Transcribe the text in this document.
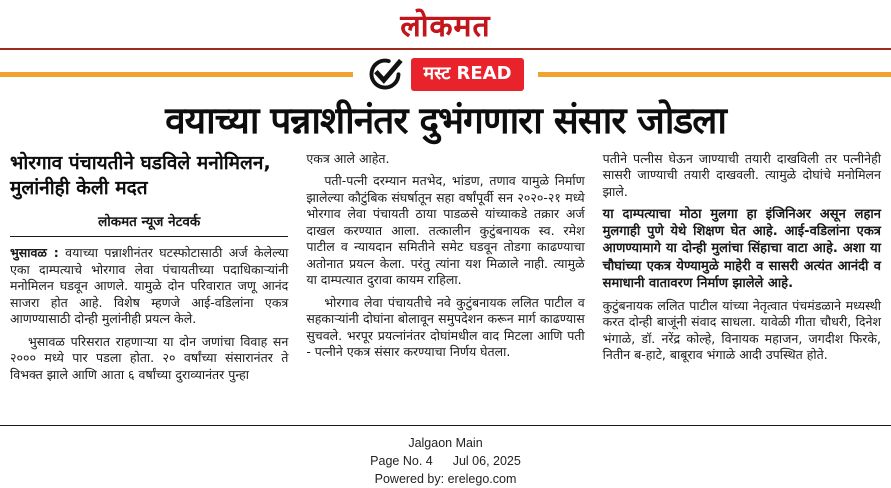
लोकमत
मस्ट READ
वयाच्या पन्नाशीनंतर दुभंगणारा संसार जोडला

भोरगाव पंचायतीने घडविले मनोमिलन, मुलांनीही केली मदत

लोकमत न्यूज नेटवर्क

भुसावळ : वयाच्या पन्नाशीनंतर घटस्फोटासाठी अर्ज केलेल्या एका दाम्पत्याचे भोरगाव लेवा पंचायतीच्या पदाधिकाऱ्यांनी मनोमिलन घडवून आणले. यामुळे दोन परिवारात जणू आनंद साजरा होत आहे. विशेष म्हणजे आई-वडिलांना एकत्र आणण्यासाठी दोन्ही मुलांनीही प्रयत्न केले.

भुसावळ परिसरात राहणाऱ्या या दोन जणांचा विवाह सन २००० मध्ये पार पडला होता. २० वर्षांच्या संसारानंतर ते विभक्त झाले आणि आता ६ वर्षांच्या दुराव्यानंतर पुन्हा

एकत्र आले आहेत.

पती-पत्नी दरम्यान मतभेद, भांडण, तणाव यामुळे निर्माण झालेल्या कौटुंबिक संघर्षातून सहा वर्षांपूर्वी सन २०२०-२१ मध्ये भोरगाव लेवा पंचायती ठाया पाडळसे यांच्याकडे तक्रार अर्ज दाखल करण्यात आला. तत्कालीन कुटुंबनायक स्व. रमेश पाटील व न्यायदान समितीने समेट घडवून तोडगा काढण्याचा अतोनात प्रयत्न केला. परंतु त्यांना यश मिळाले नाही. त्यामुळे या दाम्पत्यात दुरावा कायम राहिला.

भोरगाव लेवा पंचायतीचे नवे कुटुंबनायक ललित पाटील व सहकाऱ्यांनी दोघांना बोलावून समुपदेशन करून मार्ग काढण्यास सुचवले. भरपूर प्रयत्नांनंतर दोघांमधील वाद मिटला आणि पती - पत्नीने एकत्र संसार करण्याचा निर्णय घेतला.

पतीने पत्नीस घेऊन जाण्याची तयारी दाखविली तर पत्नीनेही सासरी जाण्याची तयारी दाखवली. त्यामुळे दोघांचे मनोमिलन झाले.

या दाम्पत्याचा मोठा मुलगा हा इंजिनिअर असून लहान मुलगाही पुणे येथे शिक्षण घेत आहे. आई-वडिलांना एकत्र आणण्यामागे या दोन्ही मुलांचा सिंहाचा वाटा आहे. अशा या चौघांच्या एकत्र येण्यामुळे माहेरी व सासरी अत्यंत आनंदी व समाधानी वातावरण निर्माण झालेले आहे.

कुटुंबनायक ललित पाटील यांच्या नेतृत्वात पंचमंडळाने मध्यस्थी करत दोन्ही बाजूंनी संवाद साधला. यावेळी गीता चौधरी, दिनेश भंगाळे, डॉ. नरेंद्र कोल्हे, विनायक महाजन, जगदीश फिरके, नितीन ब-हाटे, बाबूराव भंगाळे आदी उपस्थित होते.

Jalgaon Main
Page No. 4 Jul 06, 2025
Powered by: erelego.com
